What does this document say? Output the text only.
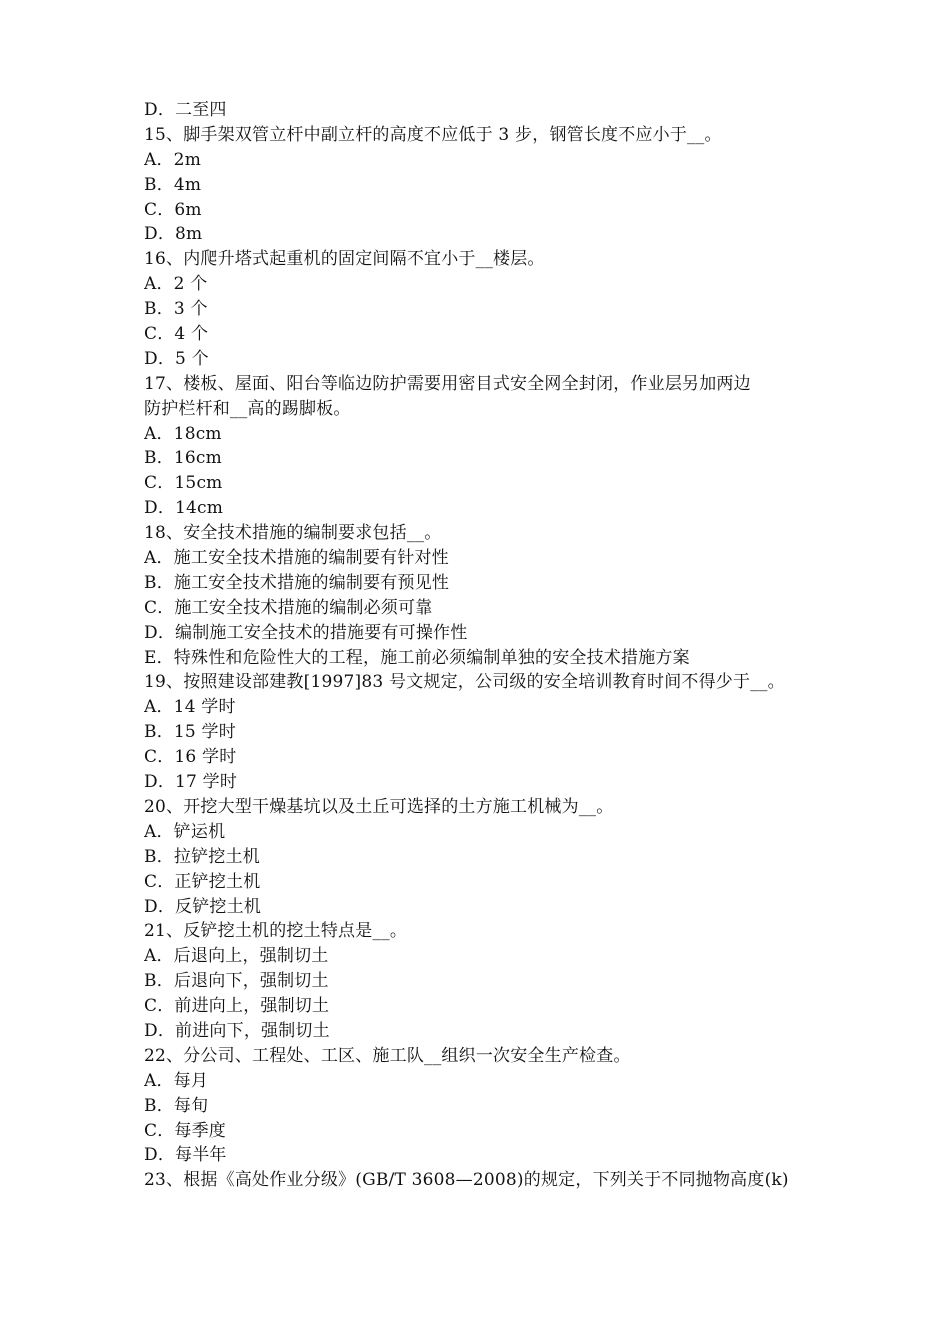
D．二至四
15、脚手架双管立杆中副立杆的高度不应低于 3 步，钢管长度不应小于__。
A．2m
B．4m
C．6m
D．8m
16、内爬升塔式起重机的固定间隔不宜小于__楼层。
A．2 个
B．3 个
C．4 个
D．5 个
17、楼板、屋面、阳台等临边防护需要用密目式安全网全封闭，作业层另加两边
防护栏杆和__高的踢脚板。
A．18cm
B．16cm
C．15cm
D．14cm
18、安全技术措施的编制要求包括__。
A．施工安全技术措施的编制要有针对性
B．施工安全技术措施的编制要有预见性
C．施工安全技术措施的编制必须可靠
D．编制施工安全技术的措施要有可操作性
E．特殊性和危险性大的工程，施工前必须编制单独的安全技术措施方案
19、按照建设部建教[1997]83 号文规定，公司级的安全培训教育时间不得少于__。
A．14 学时
B．15 学时
C．16 学时
D．17 学时
20、开挖大型干燥基坑以及土丘可选择的土方施工机械为__。
A．铲运机
B．拉铲挖土机
C．正铲挖土机
D．反铲挖土机
21、反铲挖土机的挖土特点是__。
A．后退向上，强制切土
B．后退向下，强制切土
C．前进向上，强制切土
D．前进向下，强制切土
22、分公司、工程处、工区、施工队__组织一次安全生产检查。
A．每月
B．每旬
C．每季度
D．每半年
23、根据《高处作业分级》(GB/T 3608—2008)的规定，下列关于不同抛物高度(k)
